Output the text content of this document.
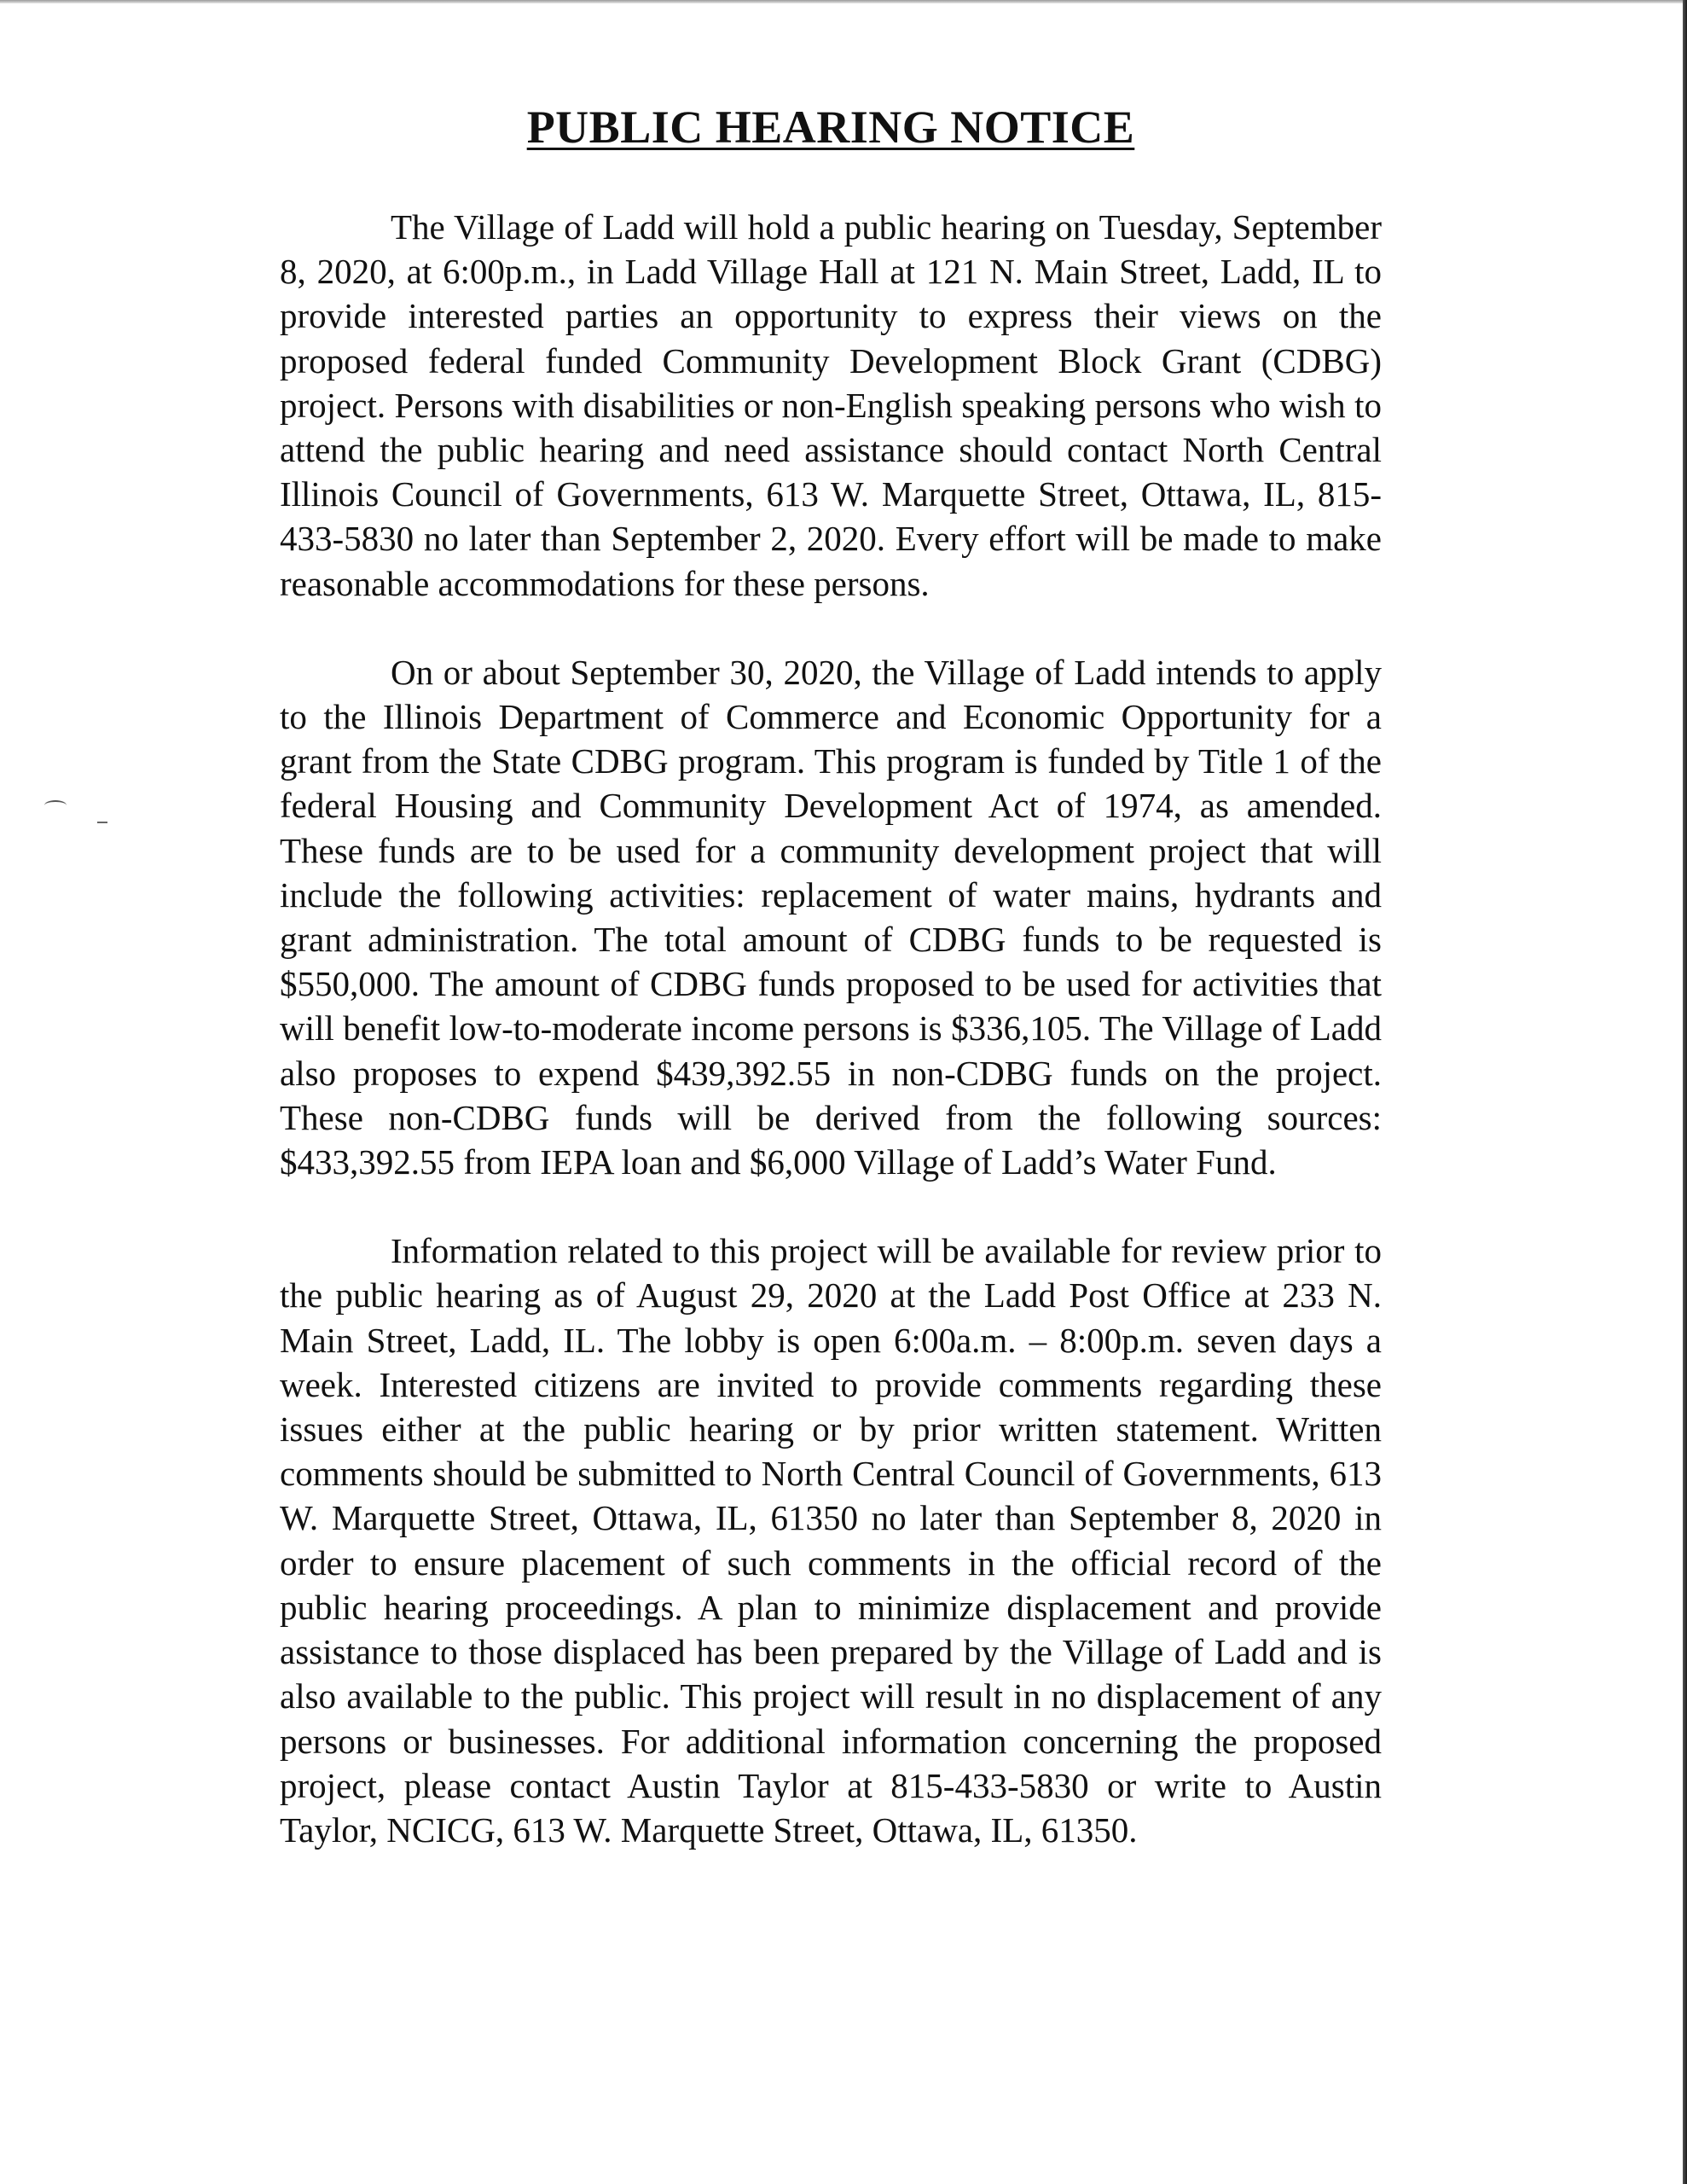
PUBLIC HEARING NOTICE

The Village of Ladd will hold a public hearing on Tuesday, September 8, 2020, at 6:00p.m., in Ladd Village Hall at 121 N. Main Street, Ladd, IL to provide interested parties an opportunity to express their views on the proposed federal funded Community Development Block Grant (CDBG) project. Persons with disabilities or non-English speaking persons who wish to attend the public hearing and need assistance should contact North Central Illinois Council of Governments, 613 W. Marquette Street, Ottawa, IL, 815-433-5830 no later than September 2, 2020. Every effort will be made to make reasonable accommodations for these persons.

On or about September 30, 2020, the Village of Ladd intends to apply to the Illinois Department of Commerce and Economic Opportunity for a grant from the State CDBG program. This program is funded by Title 1 of the federal Housing and Community Development Act of 1974, as amended. These funds are to be used for a community development project that will include the following activities: replacement of water mains, hydrants and grant administration. The total amount of CDBG funds to be requested is $550,000. The amount of CDBG funds proposed to be used for activities that will benefit low-to-moderate income persons is $336,105. The Village of Ladd also proposes to expend $439,392.55 in non-CDBG funds on the project. These non-CDBG funds will be derived from the following sources: $433,392.55 from IEPA loan and $6,000 Village of Ladd’s Water Fund.

Information related to this project will be available for review prior to the public hearing as of August 29, 2020 at the Ladd Post Office at 233 N. Main Street, Ladd, IL. The lobby is open 6:00a.m. – 8:00p.m. seven days a week. Interested citizens are invited to provide comments regarding these issues either at the public hearing or by prior written statement. Written comments should be submitted to North Central Council of Governments, 613 W. Marquette Street, Ottawa, IL, 61350 no later than September 8, 2020 in order to ensure placement of such comments in the official record of the public hearing proceedings. A plan to minimize displacement and provide assistance to those displaced has been prepared by the Village of Ladd and is also available to the public. This project will result in no displacement of any persons or businesses. For additional information concerning the proposed project, please contact Austin Taylor at 815-433-5830 or write to Austin Taylor, NCICG, 613 W. Marquette Street, Ottawa, IL, 61350.
